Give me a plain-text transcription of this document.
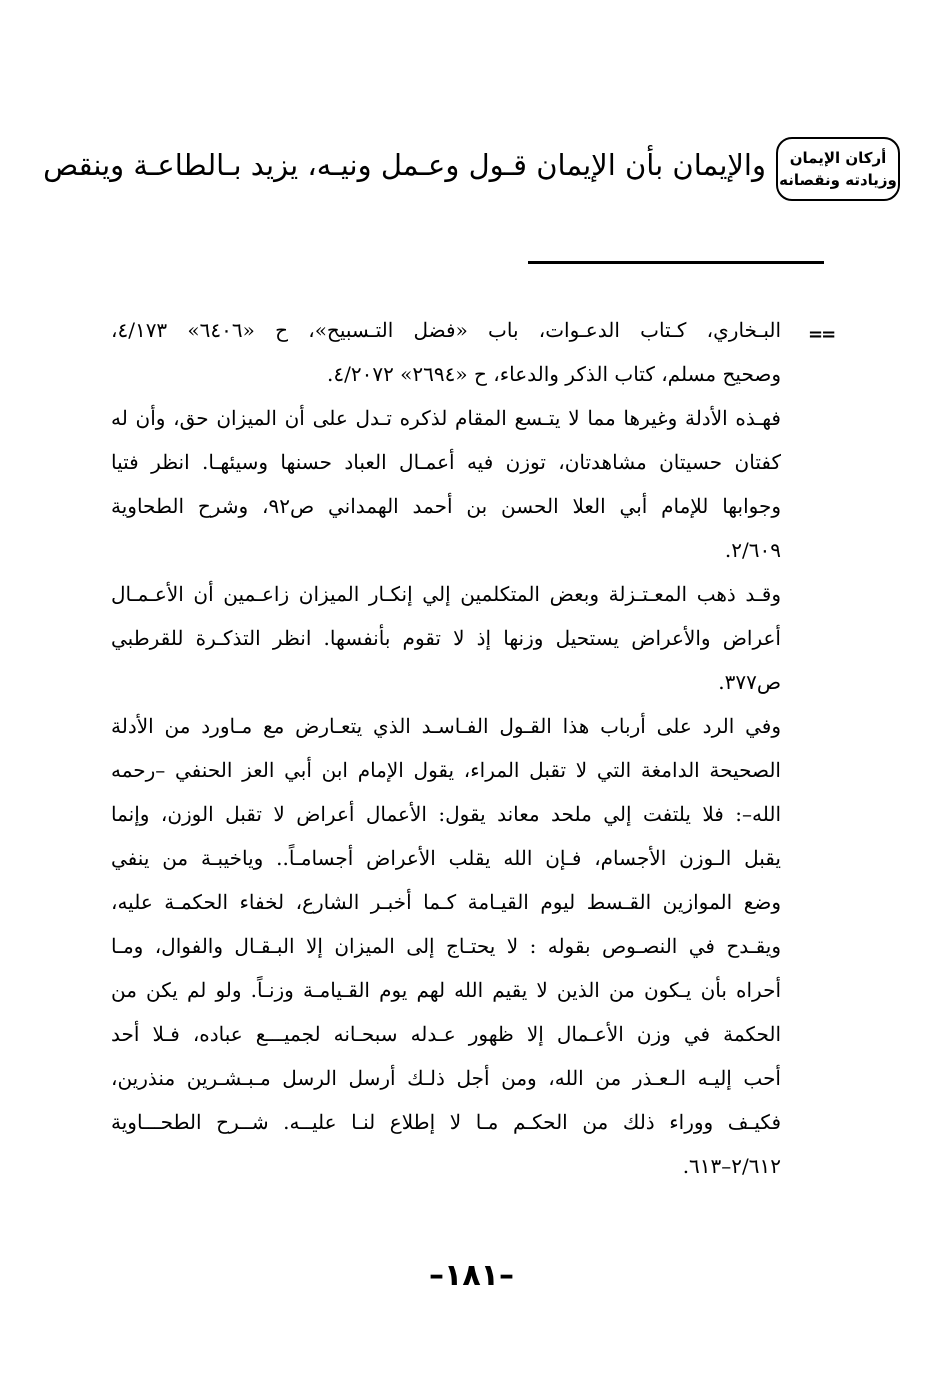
أركان الإيمان
وزيادته ونقصانه
والإيمان بأن الإيمان قـول وعـمل ونيـه، يزيد بـالطاعـة وينقص
==
البـخاري، كـتاب الدعـوات، باب «فضل التـسبيح»، ح «٦٤٠٦» ٤/١٧٣،
وصحيح مسلم، كتاب الذكر والدعاء، ح «٢٦٩٤» ٤/٢٠٧٢.
فهـذه الأدلة وغيرها مما لا يتـسع المقام لذكره تـدل على أن الميزان حق، وأن له
كفتان حسيتان مشاهدتان، توزن فيه أعمـال العباد حسنها وسيئهـا. انظر فتيا
وجوابها للإمام أبي العلا الحسن بن أحمد الهمداني ص٩٢، وشرح الطحاوية
٢/٦٠٩.
وقـد ذهب المعـتـزلة وبعض المتكلمين إلي إنكـار الميزان زاعـمين أن الأعـمـال
أعراض والأعراض يستحيل وزنها إذ لا تقوم بأنفسها. انظر التذكـرة للقرطبي
ص٣٧٧.
وفي الرد على أرباب هذا القـول الفـاسـد الذي يتعـارض مع مـاورد من الأدلة
الصحيحة الدامغة التي لا تقبل المراء، يقول الإمام ابن أبي العز الحنفي –رحمه
الله–: فلا يلتفت إلي ملحد معاند يقول: الأعمال أعراض لا تقبل الوزن، وإنما
يقبل الـوزن الأجسام، فـإن الله يقلب الأعراض أجسامـاً.. وياخيبـة من ينفي
وضع الموازين القـسط ليوم القيـامة كـما أخبـر الشارع، لخفاء الحكمـة عليه،
ويقـدح في النصـوص بقوله : لا يحتـاج إلى الميزان إلا البـقـال والفوال، ومـا
أحراه بأن يـكون من الذين لا يقيم الله لهم يوم القـيامـة وزنـاً. ولو لم يكن من
الحكمة في وزن الأعـمال إلا ظهور عـدله سبحـانه لجميـــع عباده، فـلا أحد
أحب إليـه الـعـذر من الله، ومن أجل ذلـك أرسل الرسل مـبـشـرين منذرين،
فكيـف ووراء ذلك من الحكـم مـا لا إطلاع لنـا عليــه. شــرح الطحـــاوية
٢/٦١٢–٦١٣.
–١٨١–
